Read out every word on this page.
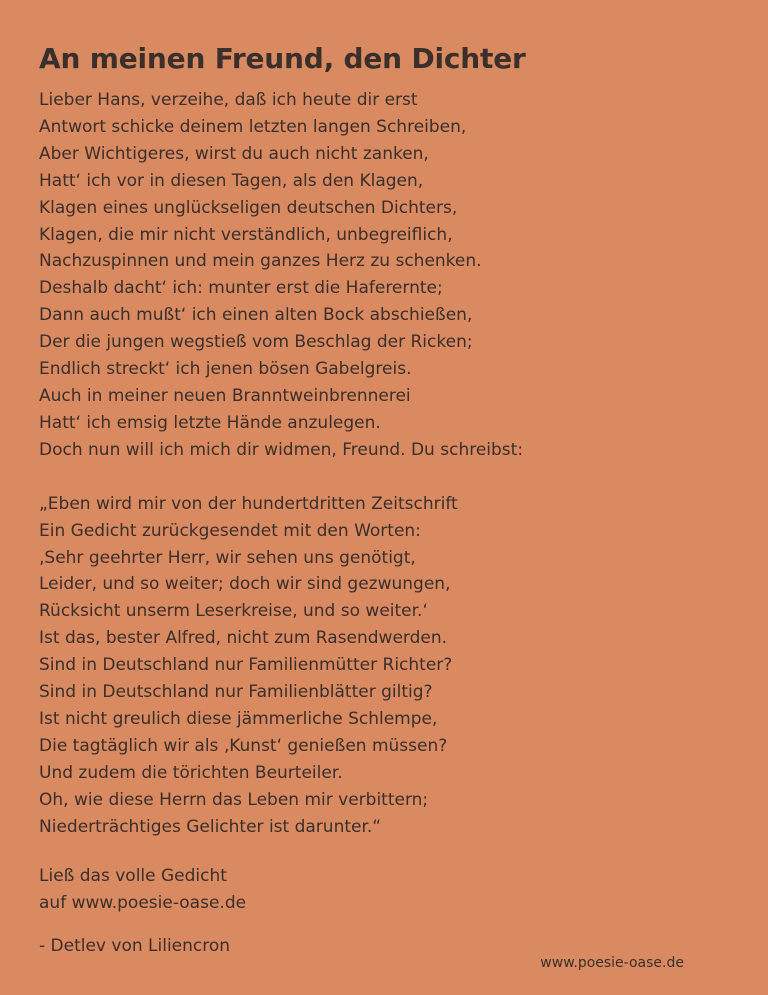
An meinen Freund, den Dichter
Lieber Hans, verzeihe, daß ich heute dir erst
Antwort schicke deinem letzten langen Schreiben,
Aber Wichtigeres, wirst du auch nicht zanken,
Hatt‘ ich vor in diesen Tagen, als den Klagen,
Klagen eines unglückseligen deutschen Dichters,
Klagen, die mir nicht verständlich, unbegreiflich,
Nachzuspinnen und mein ganzes Herz zu schenken.
Deshalb dacht‘ ich: munter erst die Haferernte;
Dann auch mußt‘ ich einen alten Bock abschießen,
Der die jungen wegstieß vom Beschlag der Ricken;
Endlich streckt‘ ich jenen bösen Gabelgreis.
Auch in meiner neuen Branntweinbrennerei
Hatt‘ ich emsig letzte Hände anzulegen.
Doch nun will ich mich dir widmen, Freund. Du schreibst:
„Eben wird mir von der hundertdritten Zeitschrift
Ein Gedicht zurückgesendet mit den Worten:
‚Sehr geehrter Herr, wir sehen uns genötigt,
Leider, und so weiter; doch wir sind gezwungen,
Rücksicht unserm Leserkreise, und so weiter.‘
Ist das, bester Alfred, nicht zum Rasendwerden.
Sind in Deutschland nur Familienmütter Richter?
Sind in Deutschland nur Familienblätter giltig?
Ist nicht greulich diese jämmerliche Schlempe,
Die tagtäglich wir als ‚Kunst‘ genießen müssen?
Und zudem die törichten Beurteiler.
Oh, wie diese Herrn das Leben mir verbittern;
Niederträchtiges Gelichter ist darunter.“
Ließ das volle Gedicht
auf www.poesie-oase.de
- Detlev von Liliencron
www.poesie-oase.de
